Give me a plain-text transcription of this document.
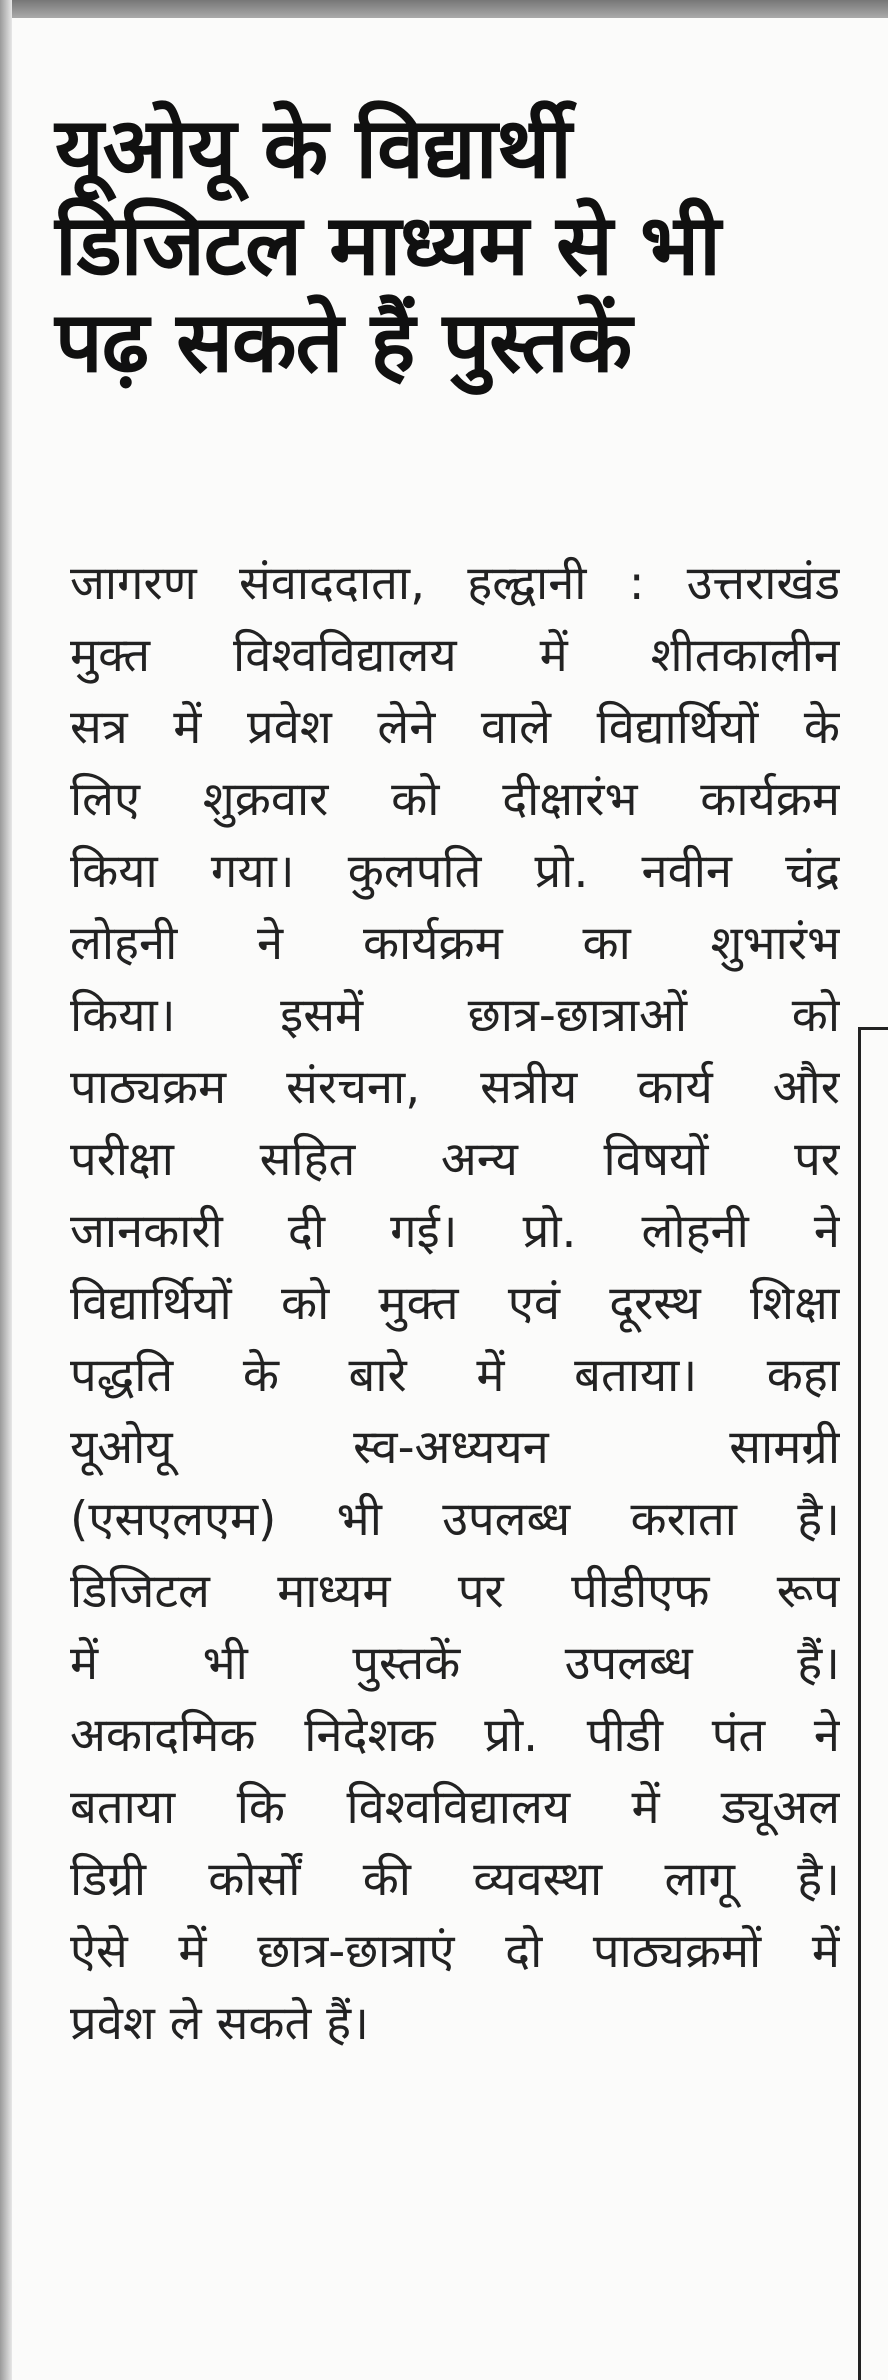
यूओयू के विद्यार्थी
डिजिटल माध्यम से भी
पढ़ सकते हैं पुस्तकें
जागरण संवाददाता, हल्द्वानी : उत्तराखंड
मुक्त विश्वविद्यालय में शीतकालीन
सत्र में प्रवेश लेने वाले विद्यार्थियों के
लिए शुक्रवार को दीक्षारंभ कार्यक्रम
किया गया। कुलपति प्रो. नवीन चंद्र
लोहनी ने कार्यक्रम का शुभारंभ
किया। इसमें छात्र-छात्राओं को
पाठ्यक्रम संरचना, सत्रीय कार्य और
परीक्षा सहित अन्य विषयों पर
जानकारी दी गई। प्रो. लोहनी ने
विद्यार्थियों को मुक्त एवं दूरस्थ शिक्षा
पद्धति के बारे में बताया। कहा
यूओयू स्व-अध्ययन सामग्री
(एसएलएम) भी उपलब्ध कराता है।
डिजिटल माध्यम पर पीडीएफ रूप
में भी पुस्तकें उपलब्ध हैं।
अकादमिक निदेशक प्रो. पीडी पंत ने
बताया कि विश्वविद्यालय में ड्यूअल
डिग्री कोर्सों की व्यवस्था लागू है।
ऐसे में छात्र-छात्राएं दो पाठ्यक्रमों में
प्रवेश ले सकते हैं।
